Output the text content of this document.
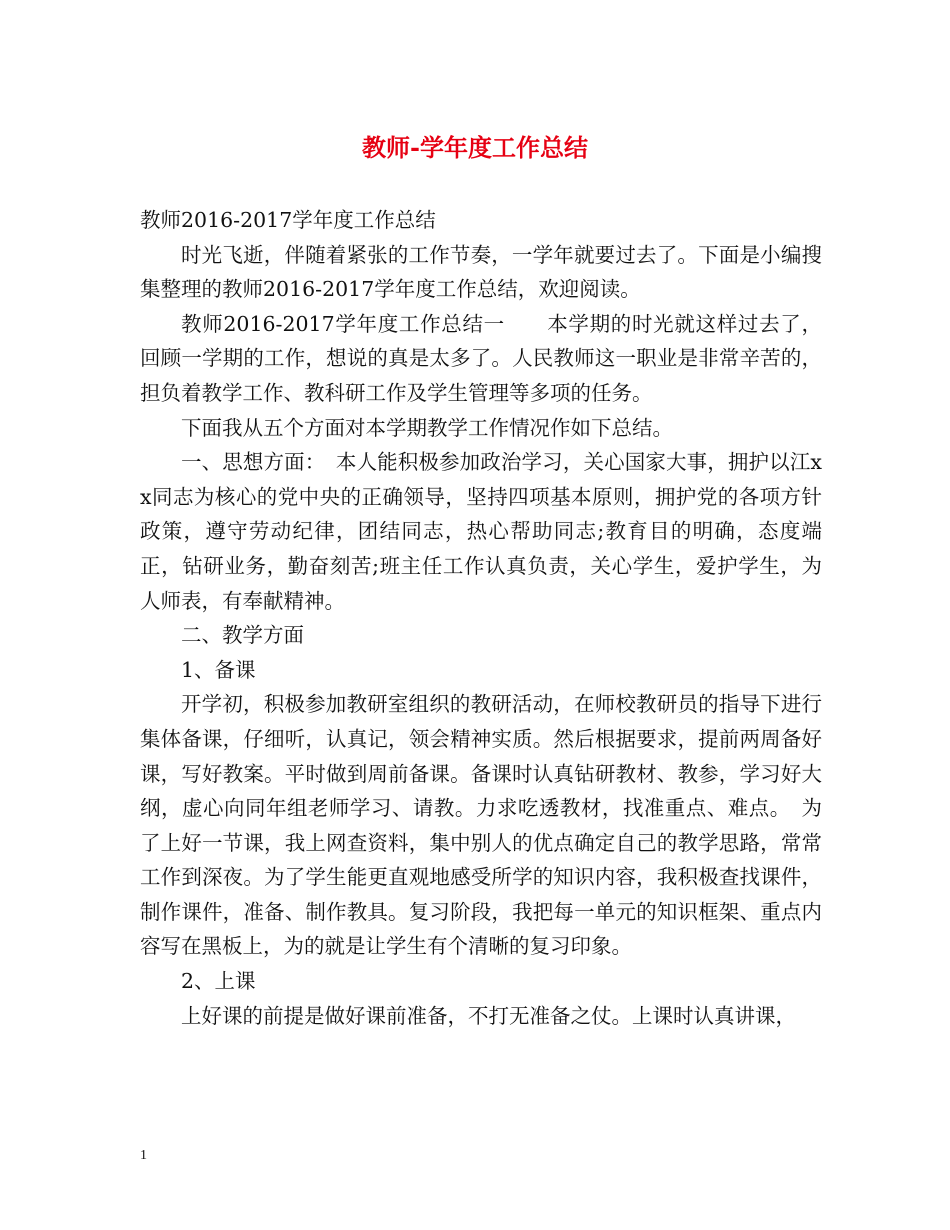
教师-学年度工作总结

教师2016-2017学年度工作总结

时光飞逝，伴随着紧张的工作节奏，一学年就要过去了。下面是小编搜集整理的教师2016-2017学年度工作总结，欢迎阅读。

教师2016-2017学年度工作总结一　　本学期的时光就这样过去了，回顾一学期的工作，想说的真是太多了。人民教师这一职业是非常辛苦的，担负着教学工作、教科研工作及学生管理等多项的任务。

下面我从五个方面对本学期教学工作情况作如下总结。

一、思想方面：　本人能积极参加政治学习，关心国家大事，拥护以江xx同志为核心的党中央的正确领导，坚持四项基本原则，拥护党的各项方针政策，遵守劳动纪律，团结同志，热心帮助同志;教育目的明确，态度端正，钻研业务，勤奋刻苦;班主任工作认真负责，关心学生，爱护学生，为人师表，有奉献精神。

二、教学方面

1、备课

开学初，积极参加教研室组织的教研活动，在师校教研员的指导下进行集体备课，仔细听，认真记，领会精神实质。然后根据要求，提前两周备好课，写好教案。平时做到周前备课。备课时认真钻研教材、教参，学习好大纲，虚心向同年组老师学习、请教。力求吃透教材，找准重点、难点。　为了上好一节课，我上网查资料，集中别人的优点确定自己的教学思路，常常工作到深夜。为了学生能更直观地感受所学的知识内容，我积极查找课件，制作课件，准备、制作教具。复习阶段，我把每一单元的知识框架、重点内容写在黑板上，为的就是让学生有个清晰的复习印象。

2、上课

上好课的前提是做好课前准备，不打无准备之仗。上课时认真讲课，

1
